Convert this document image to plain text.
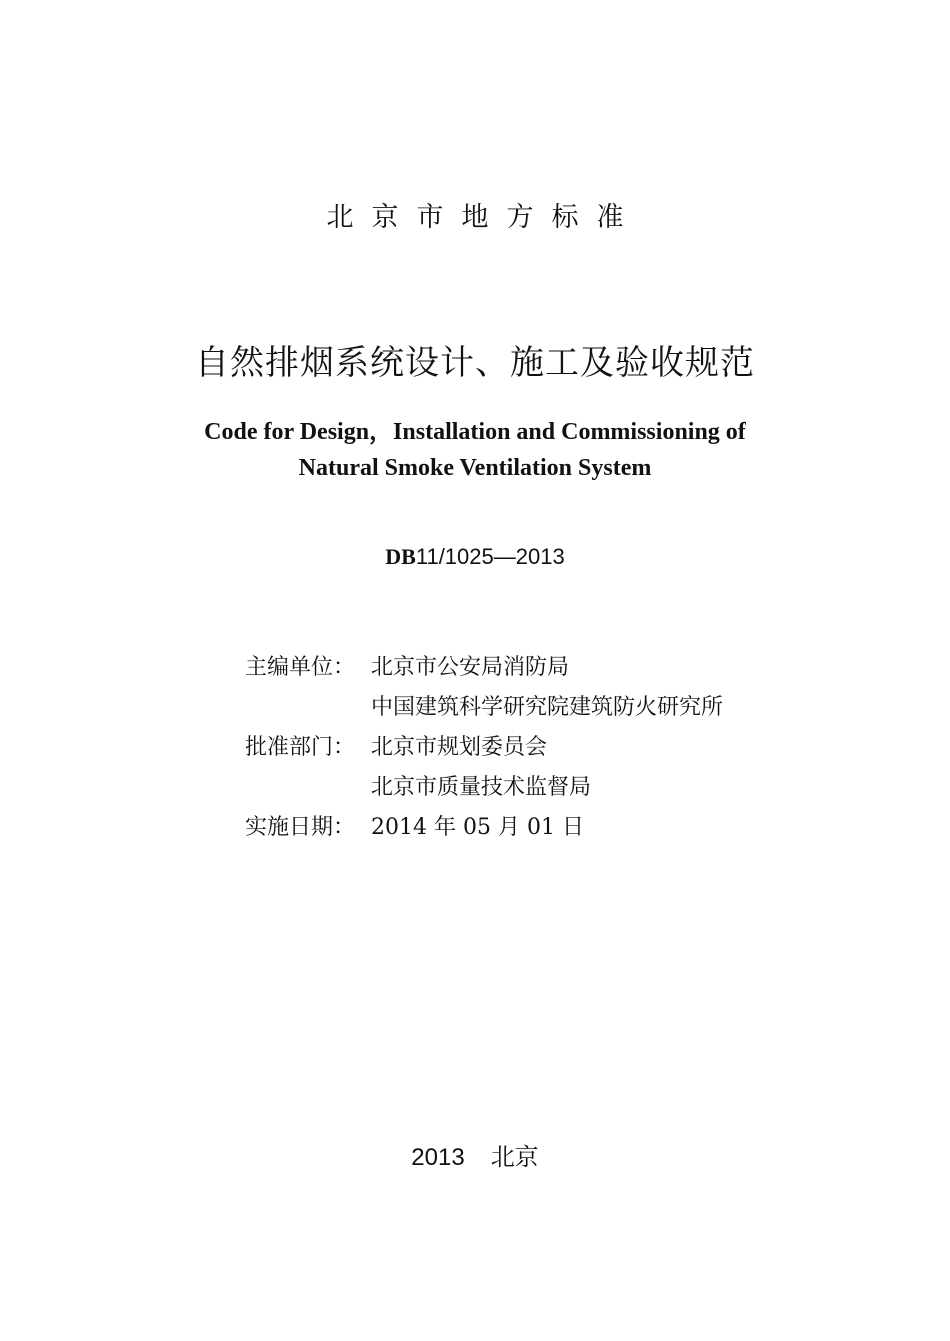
北京市地方标准
自然排烟系统设计、施工及验收规范
Code for Design，Installation and Commissioning of
Natural Smoke Ventilation System
DB11/1025—2013
主编单位： 北京市公安局消防局
中国建筑科学研究院建筑防火研究所
批准部门： 北京市规划委员会
北京市质量技术监督局
实施日期： 2014 年 05 月 01 日
2013 北京
